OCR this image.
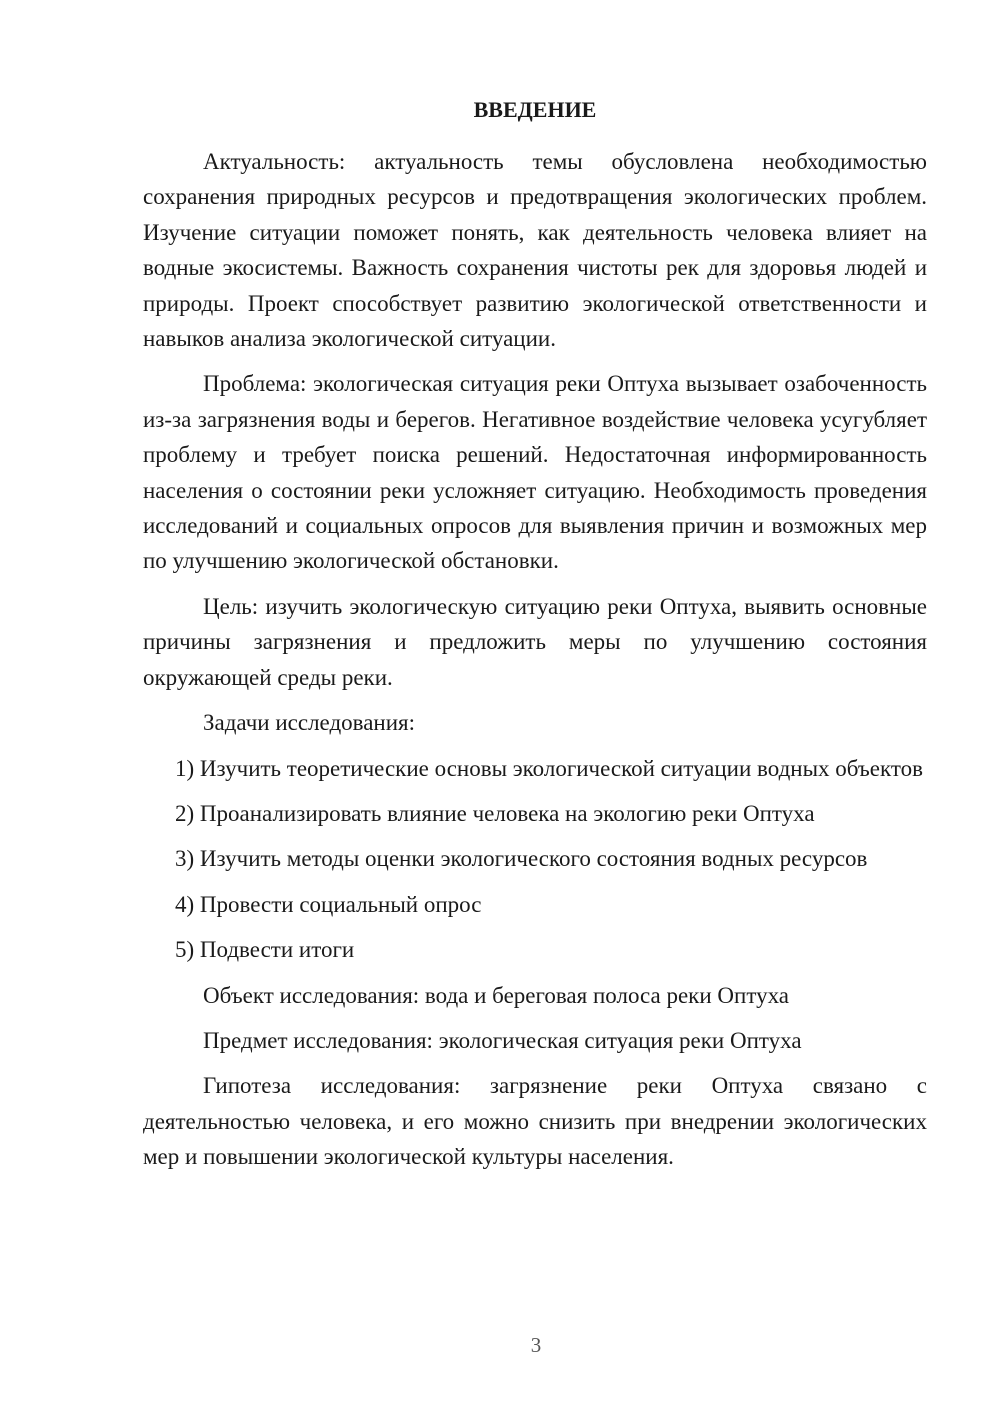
ВВЕДЕНИЕ

Актуальность: актуальность темы обусловлена необходимостью сохранения природных ресурсов и предотвращения экологических проблем. Изучение ситуации поможет понять, как деятельность человека влияет на водные экосистемы. Важность сохранения чистоты рек для здоровья людей и природы. Проект способствует развитию экологической ответственности и навыков анализа экологической ситуации.

Проблема: экологическая ситуация реки Оптуха вызывает озабоченность из-за загрязнения воды и берегов. Негативное воздействие человека усугубляет проблему и требует поиска решений. Недостаточная информированность населения о состоянии реки усложняет ситуацию. Необходимость проведения исследований и социальных опросов для выявления причин и возможных мер по улучшению экологической обстановки.

Цель: изучить экологическую ситуацию реки Оптуха, выявить основные причины загрязнения и предложить меры по улучшению состояния окружающей среды реки.

Задачи исследования:

1) Изучить теоретические основы экологической ситуации водных объектов

2) Проанализировать влияние человека на экологию реки Оптуха

3) Изучить методы оценки экологического состояния водных ресурсов

4) Провести социальный опрос

5) Подвести итоги

Объект исследования: вода и береговая полоса реки Оптуха

Предмет исследования: экологическая ситуация реки Оптуха

Гипотеза исследования: загрязнение реки Оптуха связано с деятельностью человека, и его можно снизить при внедрении экологических мер и повышении экологической культуры населения.

3
